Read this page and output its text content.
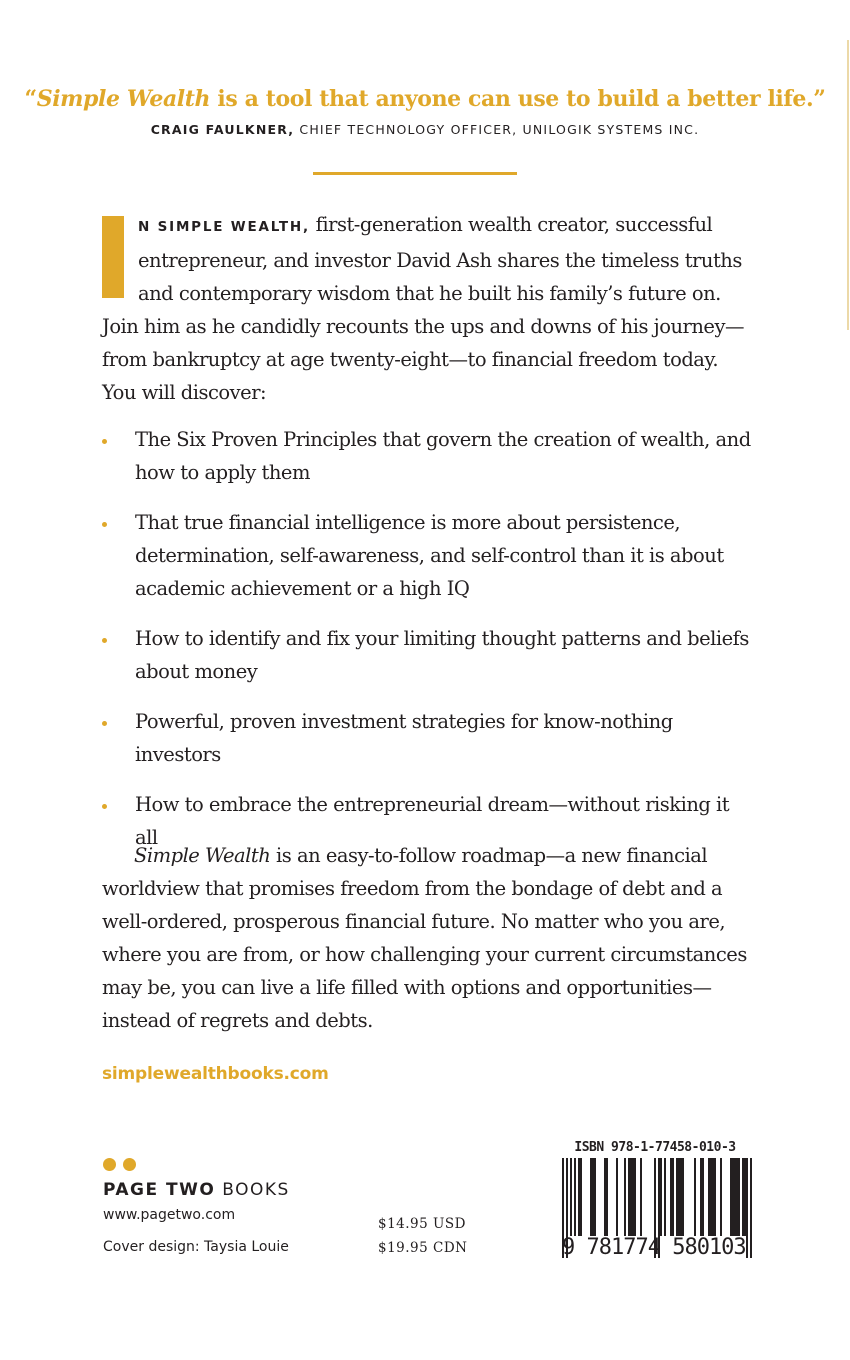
“Simple Wealth is a tool that anyone can use to build a better life.”
CRAIG FAULKNER, CHIEF TECHNOLOGY OFFICER, UNILOGIK SYSTEMS INC.

N SIMPLE WEALTH, first-generation wealth creator, successful entrepreneur, and investor David Ash shares the timeless truths and contemporary wisdom that he built his family’s future on. Join him as he candidly recounts the ups and downs of his journey—from bankruptcy at age twenty-eight—to financial freedom today. You will discover:

The Six Proven Principles that govern the creation of wealth, and how to apply them
That true financial intelligence is more about persistence, determination, self-awareness, and self-control than it is about academic achievement or a high IQ
How to identify and fix your limiting thought patterns and beliefs about money
Powerful, proven investment strategies for know-nothing investors
How to embrace the entrepreneurial dream—without risking it all

Simple Wealth is an easy-to-follow roadmap—a new financial worldview that promises freedom from the bondage of debt and a well-ordered, prosperous financial future. No matter who you are, where you are from, or how challenging your current circumstances may be, you can live a life filled with options and opportunities—instead of regrets and debts.

simplewealthbooks.com
PAGE TWO BOOKS
www.pagetwo.com
Cover design: Taysia Louie
$14.95 USD
$19.95 CDN
ISBN 978-1-77458-010-3
9 781774 580103
